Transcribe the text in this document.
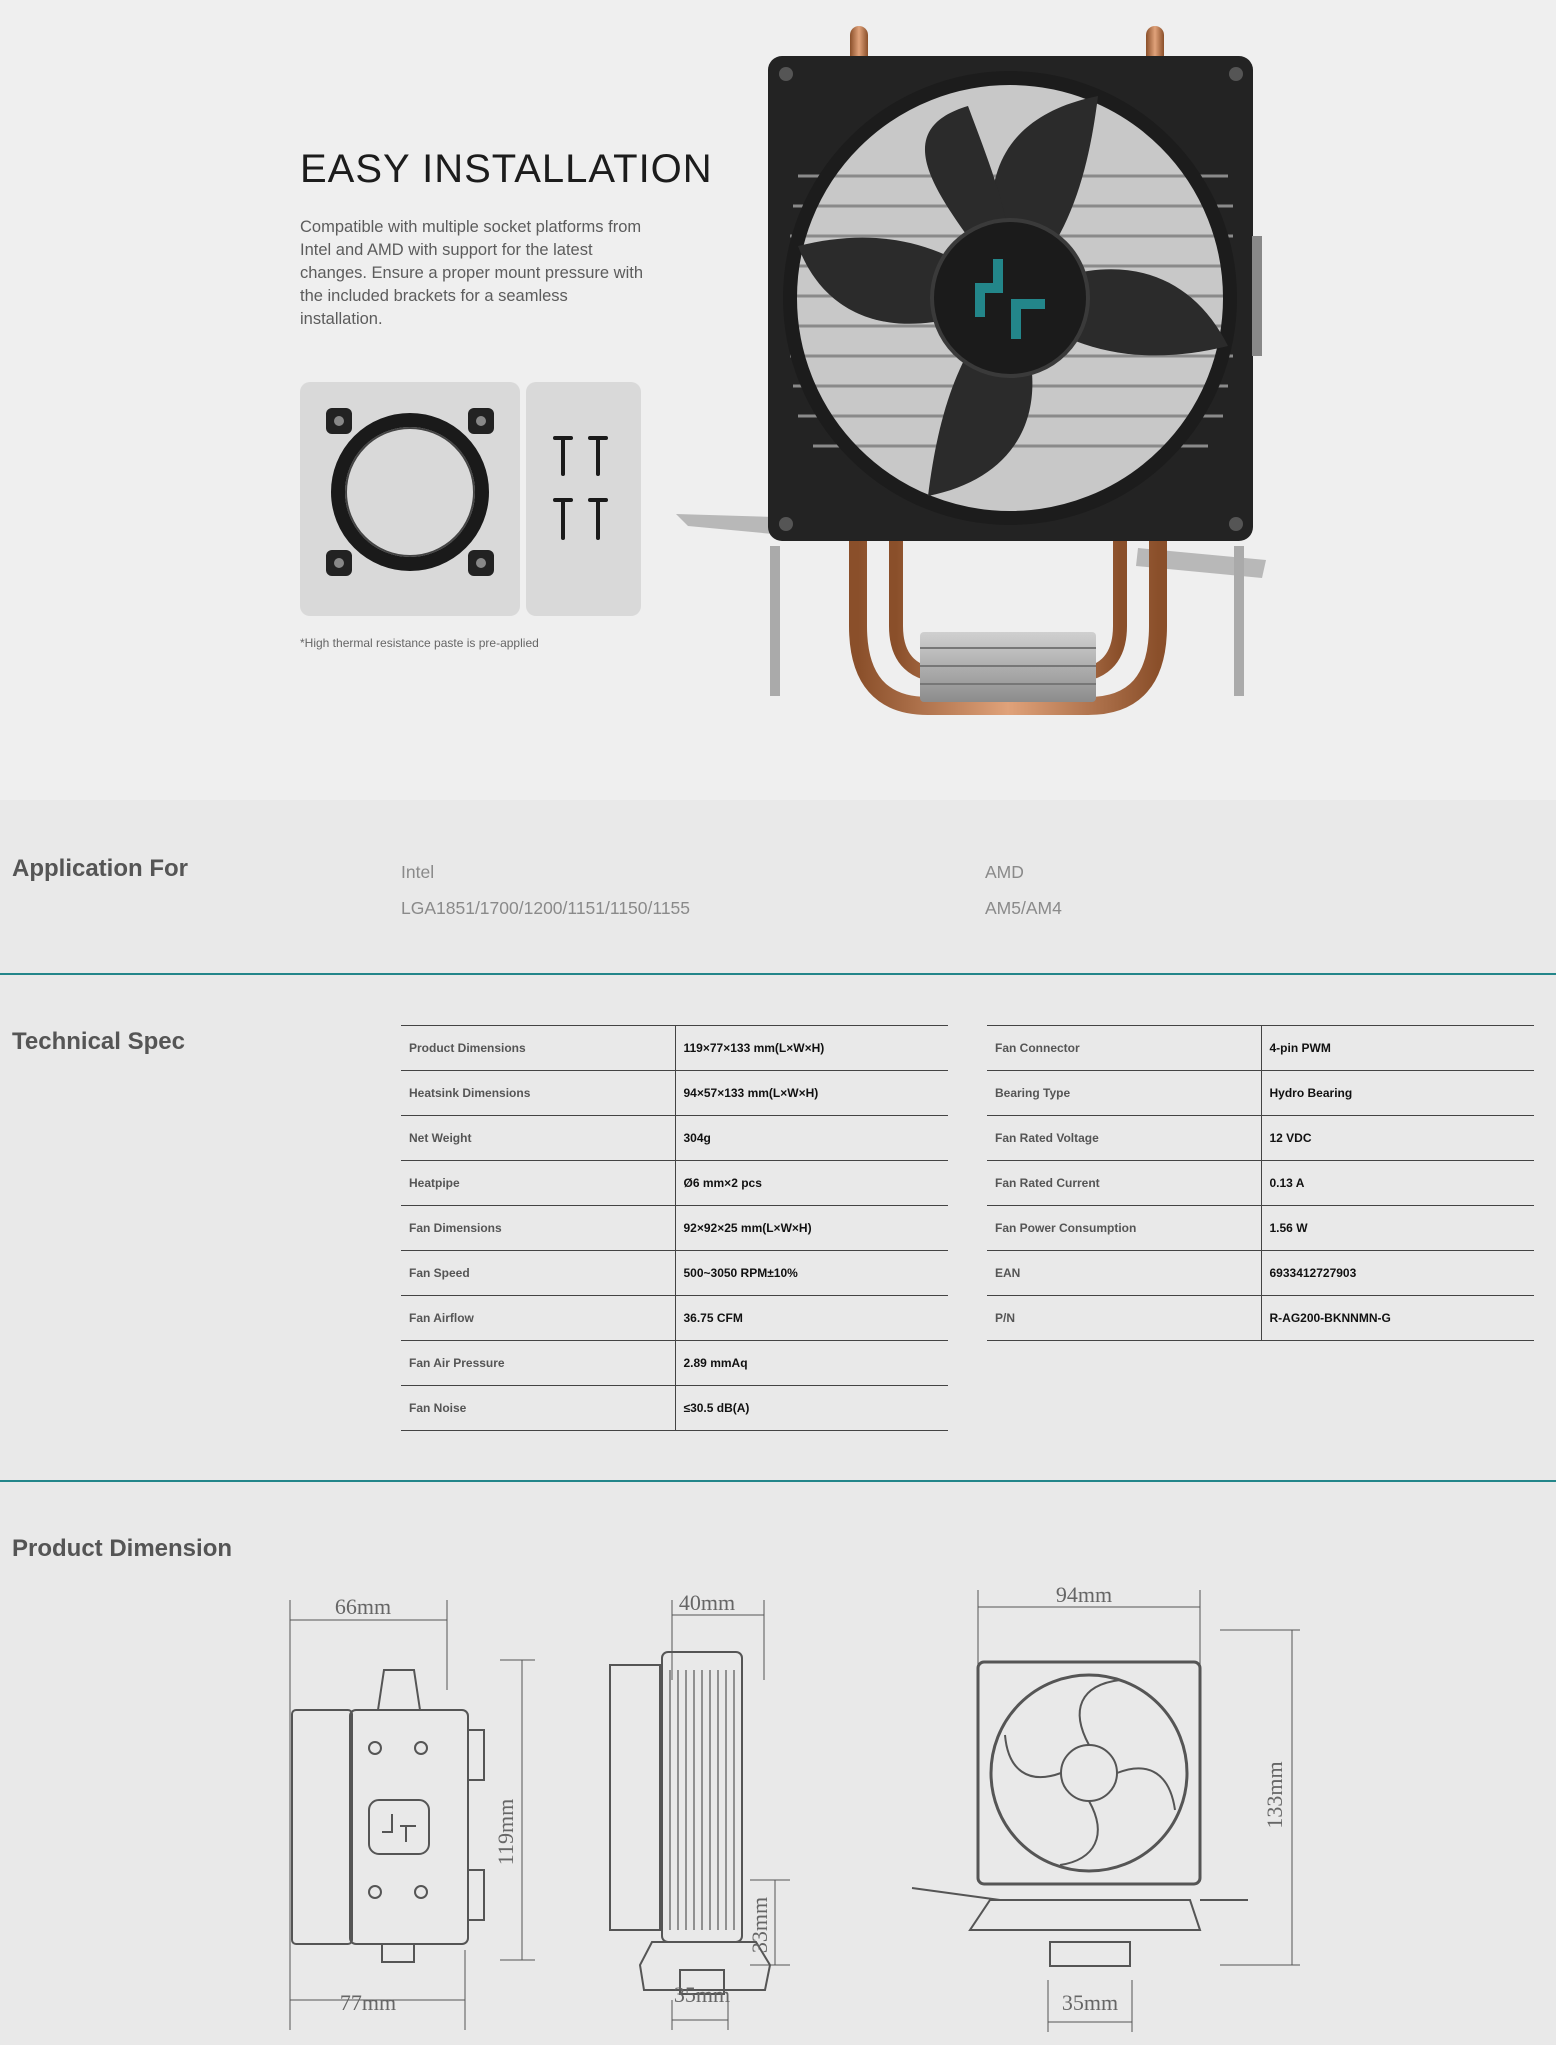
EASY INSTALLATION

Compatible with multiple socket platforms from Intel and AMD with support for the latest changes. Ensure a proper mount pressure with the included brackets for a seamless installation.

*High thermal resistance paste is pre-applied

Application For	Intel
LGA1851/1700/1200/1151/1150/1155
AMD
AM5/AM4
Technical Spec	Product Dimensions	119×77×133 mm(L×W×H)
Heatsink Dimensions	94×57×133 mm(L×W×H)
Net Weight	304g
Heatpipe	Ø6 mm×2 pcs
Fan Dimensions	92×92×25 mm(L×W×H)
Fan Speed	500~3050 RPM±10%
Fan Airflow	36.75 CFM
Fan Air Pressure	2.89 mmAq
Fan Noise	≤30.5 dB(A)
Fan Connector	4-pin PWM
Bearing Type	Hydro Bearing
Fan Rated Voltage	12 VDC
Fan Rated Current	0.13 A
Fan Power Consumption	1.56 W
EAN	6933412727903
P/N	R-AG200-BKNNMN-G
Product Dimension
66mm
77mm
119mm
40mm
33mm
35mm
94mm
133mm
35mm
